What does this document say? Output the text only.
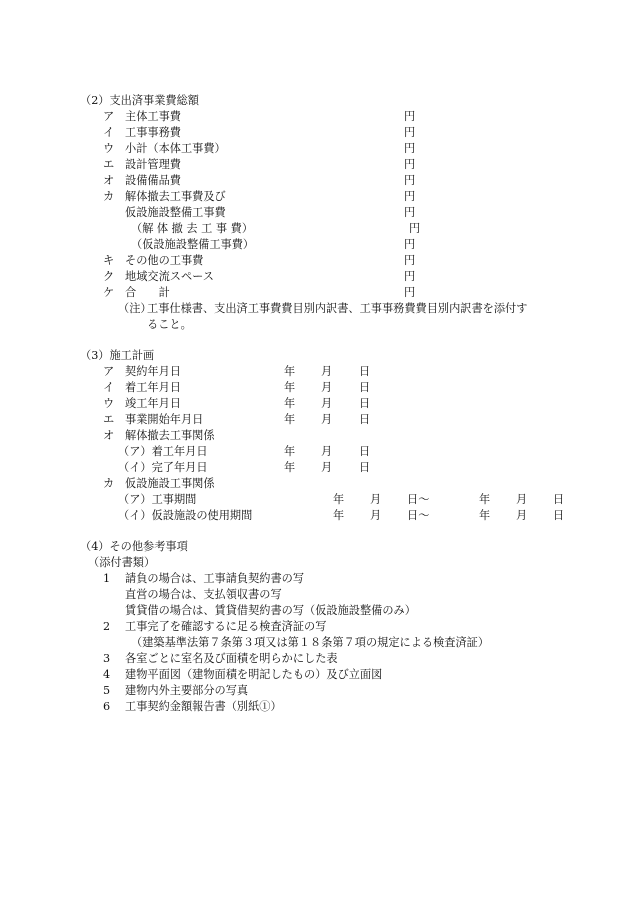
（2）支出済事業費総額
ア 主体工事費	円
イ 工事事務費	円
ウ 小計（本体工事費）	円
エ 設計管理費	円
オ 設備備品費	円
カ 解体撤去工事費及び	円
仮設施設整備工事費	円
（解 体 撤 去 工 事 費）	円
（仮設施設整備工事費）	円
キ その他の工事費	円
ク 地域交流スペース	円
ケ 合　　計	円
（注）
工事仕様書、支出済工事費費目別内訳書、工事事務費費目別内訳書を添付す
ること。
（3）施工計画
ア 契約年月日	年 月 日
イ 着工年月日	年 月 日
ウ 竣工年月日	年 月 日
エ 事業開始年月日	年 月 日
オ 解体撤去工事関係
（ア）着工年月日	年 月 日
（イ）完了年月日	年 月 日
カ 仮設施設工事関係
（ア）工事期間	年 月 日～	年 月 日
（イ）仮設施設の使用期間	年 月 日～	年 月 日
（4）その他参考事項
（添付書類）
1 請負の場合は、工事請負契約書の写
直営の場合は、支払領収書の写
賃貸借の場合は、賃貸借契約書の写（仮設施設整備のみ）
2 工事完了を確認するに足る検査済証の写
（建築基準法第７条第３項又は第１８条第７項の規定による検査済証）
3 各室ごとに室名及び面積を明らかにした表
4 建物平面図（建物面積を明記したもの）及び立面図
5 建物内外主要部分の写真
6 工事契約金額報告書（別紙①）
